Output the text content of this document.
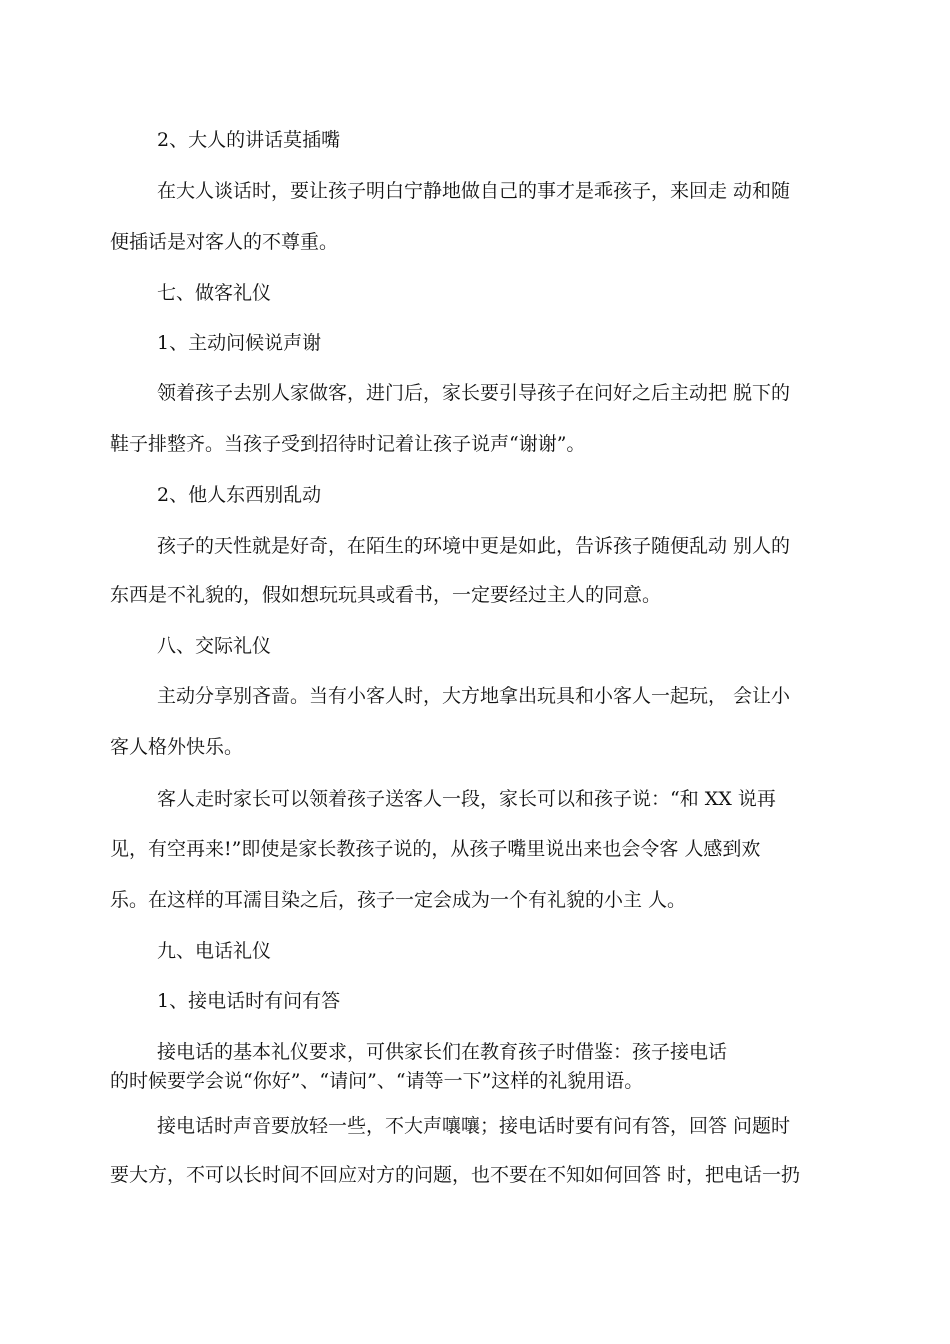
2、大人的讲话莫插嘴
在大人谈话时，要让孩子明白宁静地做自己的事才是乖孩子，来回走 动和随
便插话是对客人的不尊重。
七、做客礼仪
1、主动问候说声谢
领着孩子去别人家做客，进门后，家长要引导孩子在问好之后主动把 脱下的
鞋子排整齐。当孩子受到招待时记着让孩子说声“谢谢”。
2、他人东西别乱动
孩子的天性就是好奇，在陌生的环境中更是如此，告诉孩子随便乱动 别人的
东西是不礼貌的，假如想玩玩具或看书，一定要经过主人的同意。
八、交际礼仪
主动分享别吝啬。当有小客人时，大方地拿出玩具和小客人一起玩， 会让小
客人格外快乐。
客人走时家长可以领着孩子送客人一段，家长可以和孩子说：“和 XX 说再
见，有空再来!”即使是家长教孩子说的，从孩子嘴里说出来也会令客 人感到欢
乐。在这样的耳濡目染之后，孩子一定会成为一个有礼貌的小主 人。
九、电话礼仪
1、接电话时有问有答
接电话的基本礼仪要求，可供家长们在教育孩子时借鉴：孩子接电话
的时候要学会说“你好”、“请问”、“请等一下”这样的礼貌用语。
接电话时声音要放轻一些，不大声嚷嚷；接电话时要有问有答，回答 问题时
要大方，不可以长时间不回应对方的问题，也不要在不知如何回答 时，把电话一扔
